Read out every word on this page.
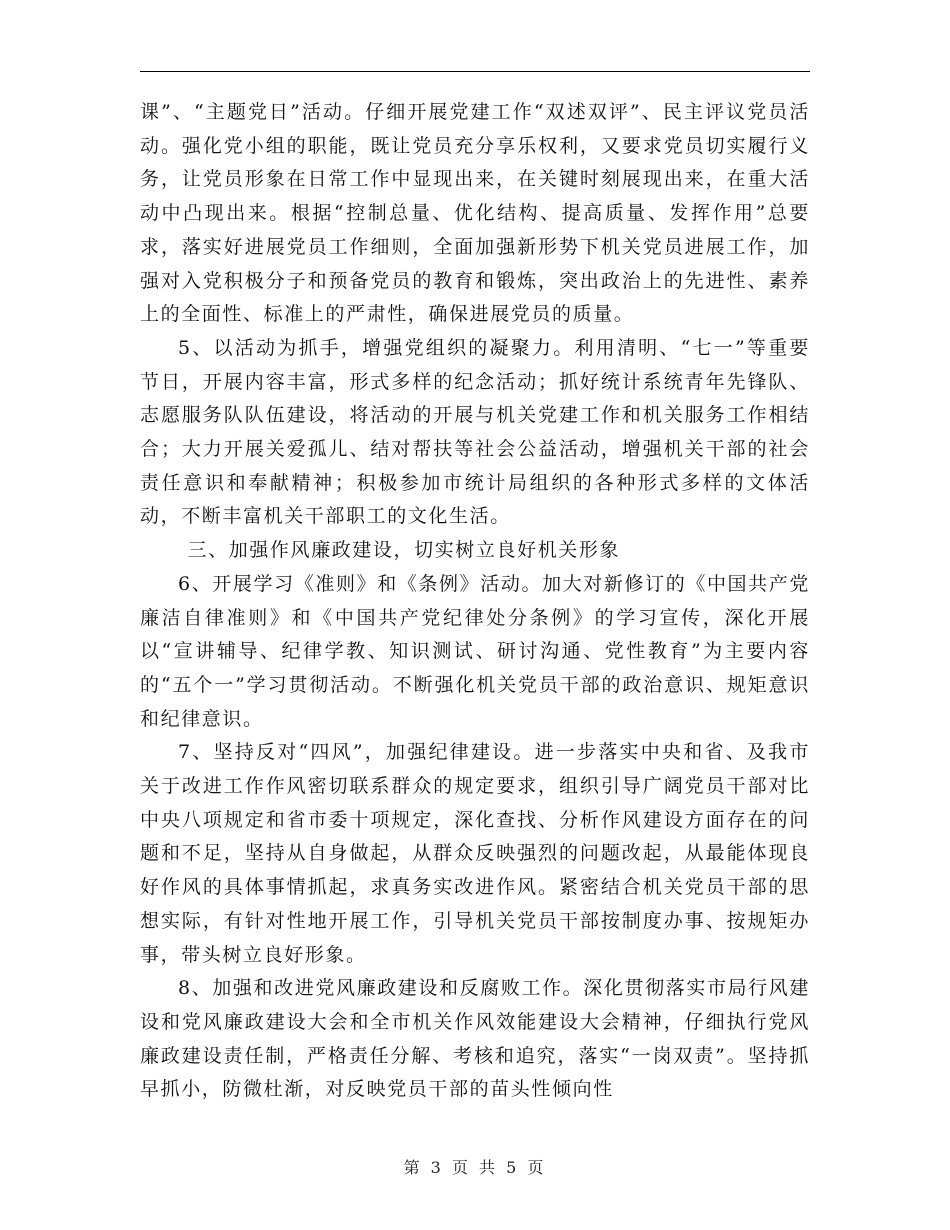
课”、“主题党日”活动。仔细开展党建工作“双述双评”、民主评议党员活动。强化党小组的职能，既让党员充分享乐权利，又要求党员切实履行义务，让党员形象在日常工作中显现出来，在关键时刻展现出来，在重大活动中凸现出来。根据“控制总量、优化结构、提高质量、发挥作用”总要求，落实好进展党员工作细则，全面加强新形势下机关党员进展工作，加强对入党积极分子和预备党员的教育和锻炼，突出政治上的先进性、素养上的全面性、标准上的严肃性，确保进展党员的质量。

5、以活动为抓手，增强党组织的凝聚力。利用清明、“七一”等重要节日，开展内容丰富，形式多样的纪念活动；抓好统计系统青年先锋队、志愿服务队队伍建设，将活动的开展与机关党建工作和机关服务工作相结合；大力开展关爱孤儿、结对帮扶等社会公益活动，增强机关干部的社会责任意识和奉献精神；积极参加市统计局组织的各种形式多样的文体活动，不断丰富机关干部职工的文化生活。

三、加强作风廉政建设，切实树立良好机关形象

6、开展学习《准则》和《条例》活动。加大对新修订的《中国共产党廉洁自律准则》和《中国共产党纪律处分条例》的学习宣传，深化开展以“宣讲辅导、纪律学教、知识测试、研讨沟通、党性教育”为主要内容的“五个一”学习贯彻活动。不断强化机关党员干部的政治意识、规矩意识和纪律意识。

7、坚持反对“四风”，加强纪律建设。进一步落实中央和省、及我市关于改进工作作风密切联系群众的规定要求，组织引导广阔党员干部对比中央八项规定和省市委十项规定，深化查找、分析作风建设方面存在的问题和不足，坚持从自身做起，从群众反映强烈的问题改起，从最能体现良好作风的具体事情抓起，求真务实改进作风。紧密结合机关党员干部的思想实际，有针对性地开展工作，引导机关党员干部按制度办事、按规矩办事，带头树立良好形象。

8、加强和改进党风廉政建设和反腐败工作。深化贯彻落实市局行风建设和党风廉政建设大会和全市机关作风效能建设大会精神，仔细执行党风廉政建设责任制，严格责任分解、考核和追究，落实“一岗双责”。坚持抓早抓小，防微杜渐，对反映党员干部的苗头性倾向性

第 3 页 共 5 页
